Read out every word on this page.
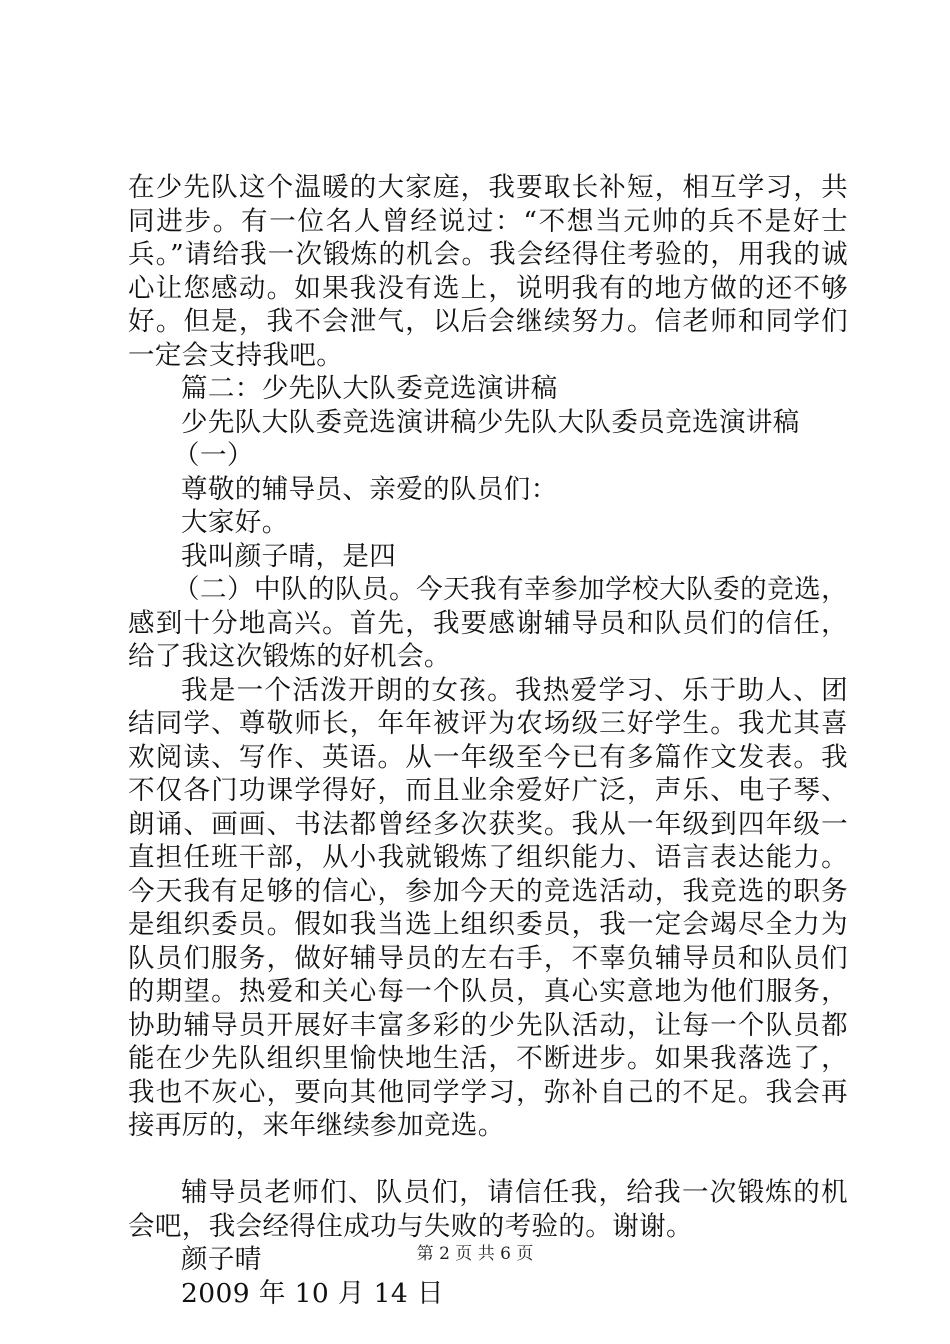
在少先队这个温暖的大家庭，我要取长补短，相互学习，共同进步。有一位名人曾经说过：“不想当元帅的兵不是好士兵。”请给我一次锻炼的机会。我会经得住考验的，用我的诚心让您感动。如果我没有选上，说明我有的地方做的还不够好。但是，我不会泄气，以后会继续努力。信老师和同学们一定会支持我吧。

篇二：少先队大队委竞选演讲稿

少先队大队委竞选演讲稿少先队大队委员竞选演讲稿

（一）

尊敬的辅导员、亲爱的队员们：

大家好。

我叫颜子晴，是四

（二）中队的队员。今天我有幸参加学校大队委的竞选，感到十分地高兴。首先，我要感谢辅导员和队员们的信任，给了我这次锻炼的好机会。

我是一个活泼开朗的女孩。我热爱学习、乐于助人、团结同学、尊敬师长，年年被评为农场级三好学生。我尤其喜欢阅读、写作、英语。从一年级至今已有多篇作文发表。我不仅各门功课学得好，而且业余爱好广泛，声乐、电子琴、朗诵、画画、书法都曾经多次获奖。我从一年级到四年级一直担任班干部，从小我就锻炼了组织能力、语言表达能力。今天我有足够的信心，参加今天的竞选活动，我竞选的职务是组织委员。假如我当选上组织委员，我一定会竭尽全力为队员们服务，做好辅导员的左右手，不辜负辅导员和队员们的期望。热爱和关心每一个队员，真心实意地为他们服务，协助辅导员开展好丰富多彩的少先队活动，让每一个队员都能在少先队组织里愉快地生活，不断进步。如果我落选了，我也不灰心，要向其他同学学习，弥补自己的不足。我会再接再厉的，来年继续参加竞选。

辅导员老师们、队员们，请信任我，给我一次锻炼的机会吧，我会经得住成功与失败的考验的。谢谢。

颜子晴

2009 年 10 月 14 日

第 2 页 共 6 页
